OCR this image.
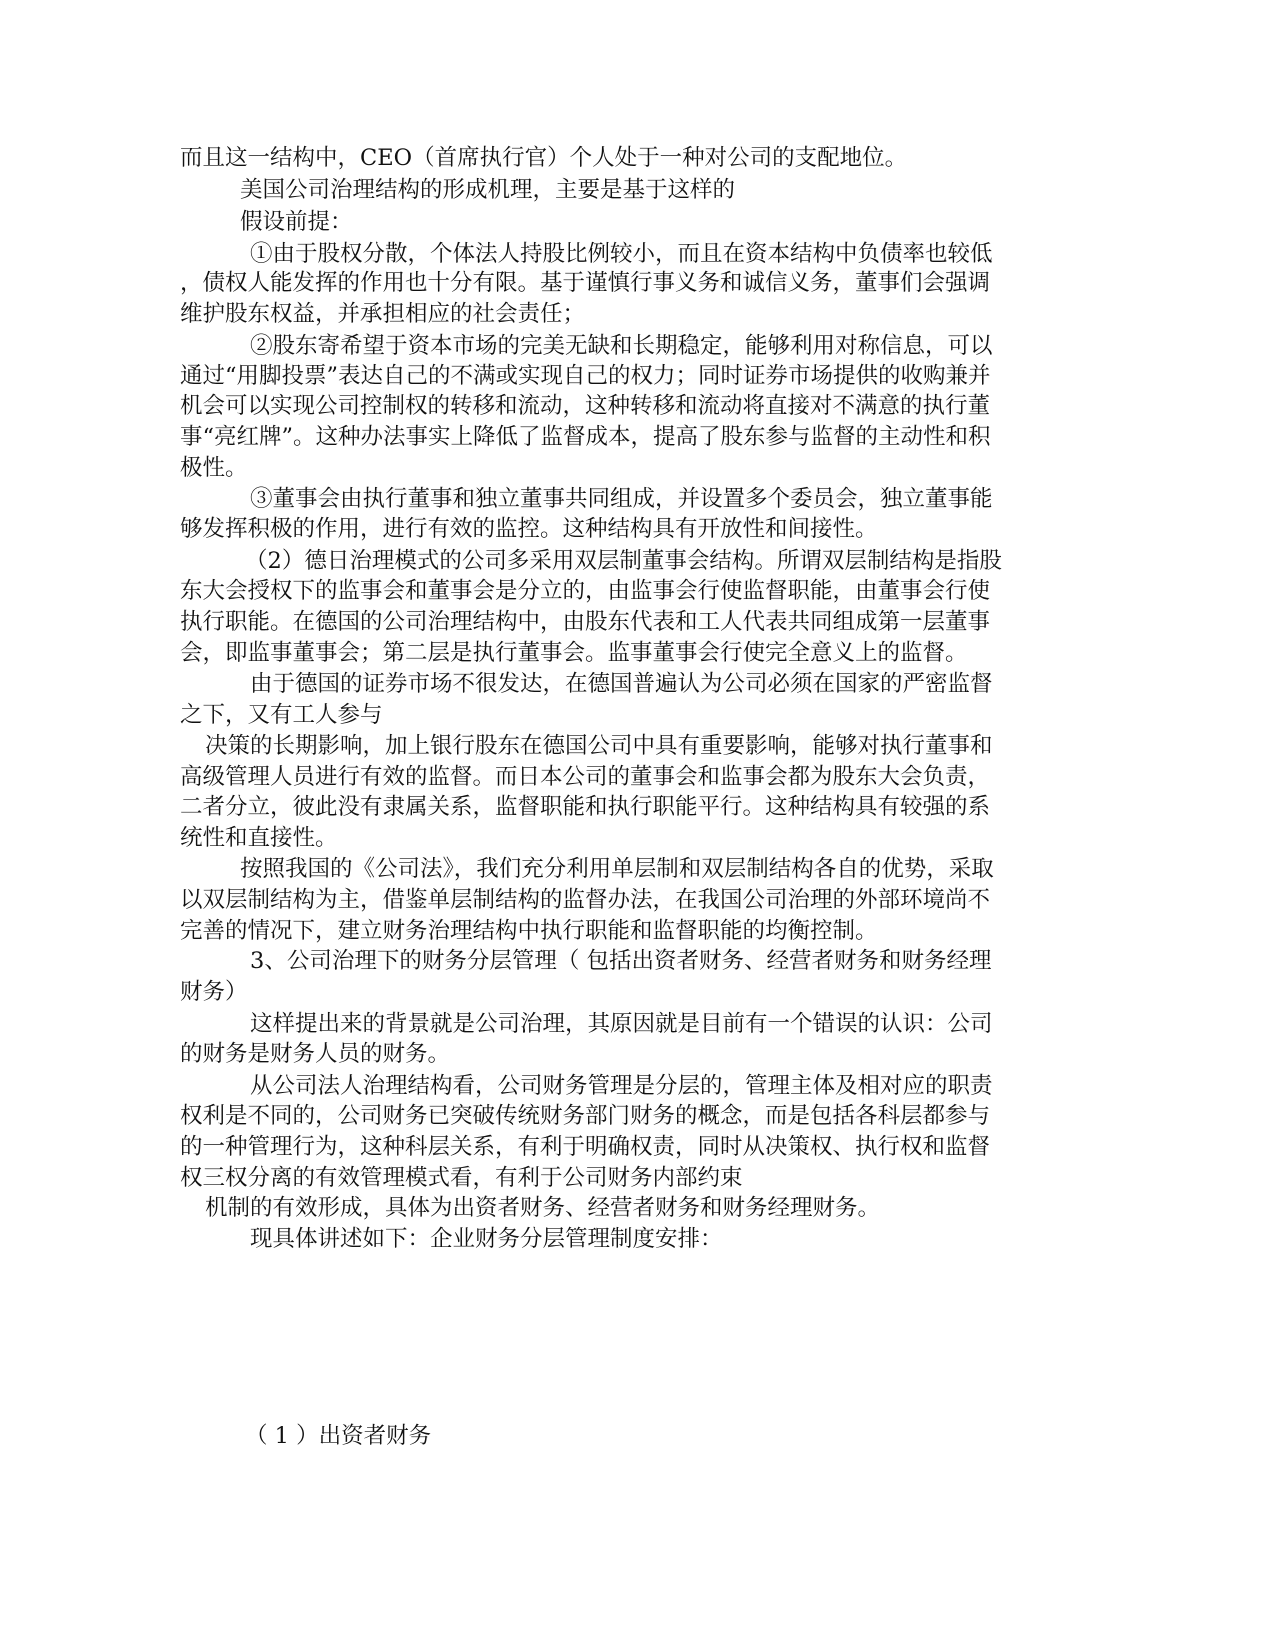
而且这一结构中，CEO（首席执行官）个人处于一种对公司的支配地位。
美国公司治理结构的形成机理，主要是基于这样的
假设前提：
①由于股权分散，个体法人持股比例较小，而且在资本结构中负债率也较低
，债权人能发挥的作用也十分有限。基于谨慎行事义务和诚信义务，董事们会强调
维护股东权益，并承担相应的社会责任；
②股东寄希望于资本市场的完美无缺和长期稳定，能够利用对称信息，可以
通过“用脚投票”表达自己的不满或实现自己的权力；同时证券市场提供的收购兼并
机会可以实现公司控制权的转移和流动，这种转移和流动将直接对不满意的执行董
事“亮红牌”。这种办法事实上降低了监督成本，提高了股东参与监督的主动性和积
极性。
③董事会由执行董事和独立董事共同组成，并设置多个委员会，独立董事能
够发挥积极的作用，进行有效的监控。这种结构具有开放性和间接性。
（2）德日治理模式的公司多采用双层制董事会结构。所谓双层制结构是指股
东大会授权下的监事会和董事会是分立的，由监事会行使监督职能，由董事会行使
执行职能。在德国的公司治理结构中，由股东代表和工人代表共同组成第一层董事
会，即监事董事会；第二层是执行董事会。监事董事会行使完全意义上的监督。
由于德国的证券市场不很发达，在德国普遍认为公司必须在国家的严密监督
之下，又有工人参与
决策的长期影响，加上银行股东在德国公司中具有重要影响，能够对执行董事和
高级管理人员进行有效的监督。而日本公司的董事会和监事会都为股东大会负责，
二者分立，彼此没有隶属关系，监督职能和执行职能平行。这种结构具有较强的系
统性和直接性。
按照我国的《公司法》，我们充分利用单层制和双层制结构各自的优势，采取
以双层制结构为主，借鉴单层制结构的监督办法，在我国公司治理的外部环境尚不
完善的情况下，建立财务治理结构中执行职能和监督职能的均衡控制。
3、公司治理下的财务分层管理（ 包括出资者财务、经营者财务和财务经理
财务）
这样提出来的背景就是公司治理，其原因就是目前有一个错误的认识：公司
的财务是财务人员的财务。
从公司法人治理结构看，公司财务管理是分层的，管理主体及相对应的职责
权利是不同的，公司财务已突破传统财务部门财务的概念，而是包括各科层都参与
的一种管理行为，这种科层关系，有利于明确权责，同时从决策权、执行权和监督
权三权分离的有效管理模式看，有利于公司财务内部约束
机制的有效形成，具体为出资者财务、经营者财务和财务经理财务。
现具体讲述如下：企业财务分层管理制度安排：
（ 1 ）出资者财务
